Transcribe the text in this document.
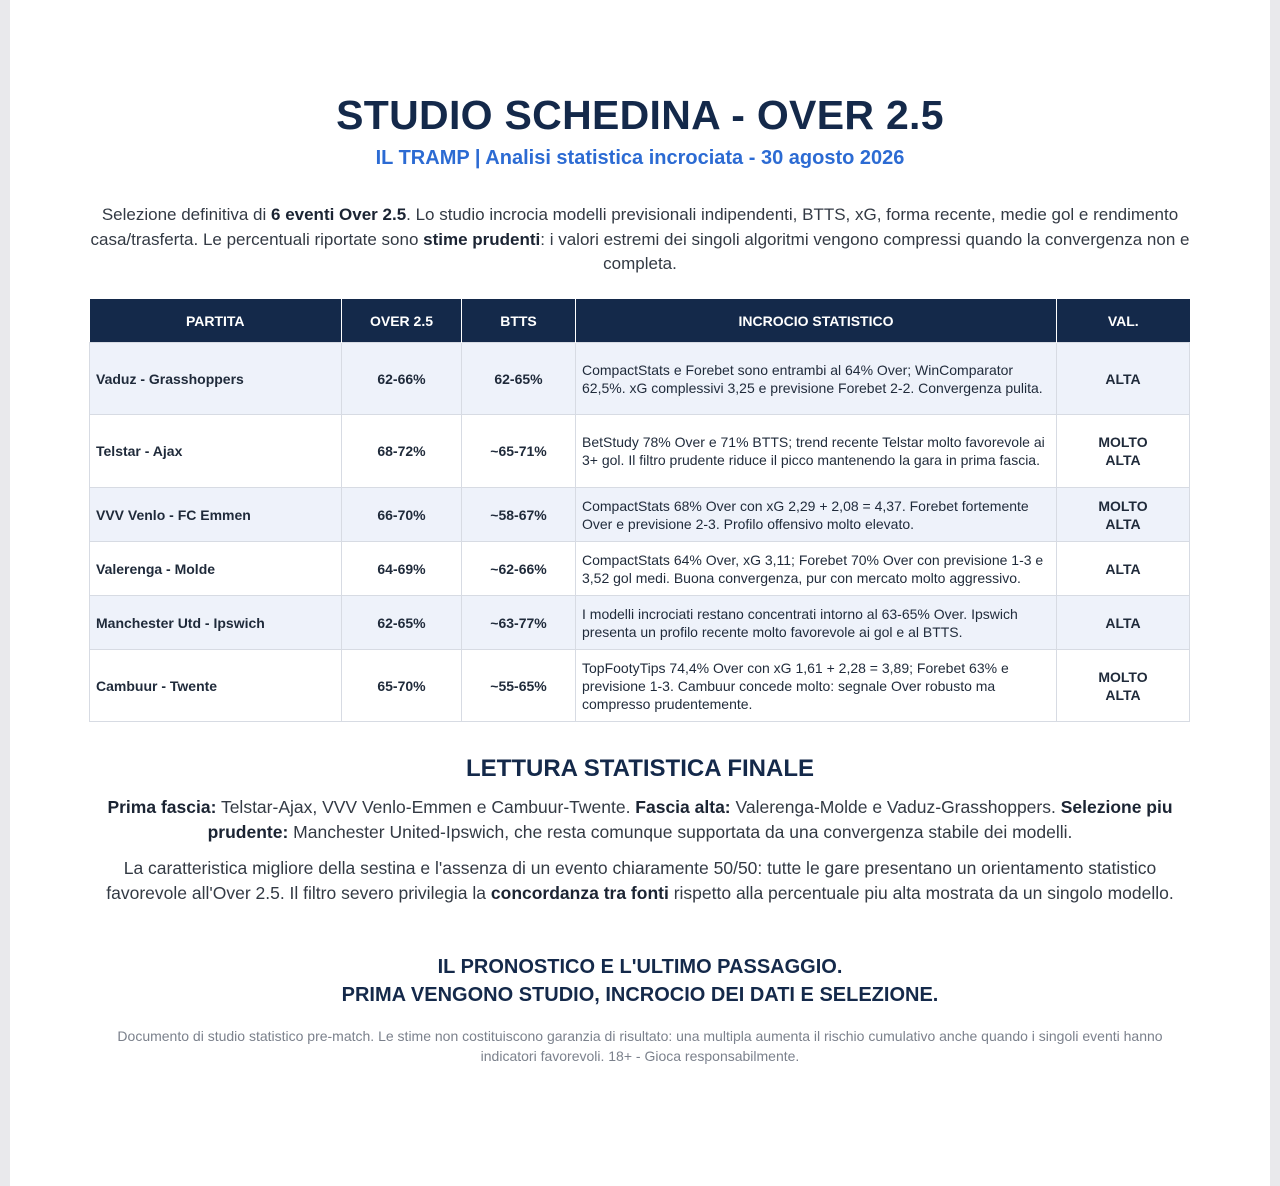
STUDIO SCHEDINA - OVER 2.5
IL TRAMP | Analisi statistica incrociata - 30 agosto 2026
Selezione definitiva di 6 eventi Over 2.5. Lo studio incrocia modelli previsionali indipendenti, BTTS, xG, forma recente, medie gol e rendimento casa/trasferta. Le percentuali riportate sono stime prudenti: i valori estremi dei singoli algoritmi vengono compressi quando la convergenza non e completa.
PARTITA	OVER 2.5	BTTS	INCROCIO STATISTICO	VAL.
Vaduz - Grasshoppers	62-66%	62-65%	CompactStats e Forebet sono entrambi al 64% Over; WinComparator 62,5%. xG complessivi 3,25 e previsione Forebet 2-2. Convergenza pulita.	ALTA

Telstar - Ajax	68-72%	~65-71%	BetStudy 78% Over e 71% BTTS; trend recente Telstar molto favorevole ai 3+ gol. Il filtro prudente riduce il picco mantenendo la gara in prima fascia.	MOLTO
ALTA
VVV Venlo - FC Emmen	66-70%	~58-67%	CompactStats 68% Over con xG 2,29 + 2,08 = 4,37. Forebet fortemente Over e previsione 2-3. Profilo offensivo molto elevato.	MOLTO
ALTA
Valerenga - Molde	64-69%	~62-66%	CompactStats 64% Over, xG 3,11; Forebet 70% Over con previsione 1-3 e 3,52 gol medi. Buona convergenza, pur con mercato molto aggressivo.	ALTA

Manchester Utd - Ipswich	62-65%	~63-77%	I modelli incrociati restano concentrati intorno al 63-65% Over. Ipswich presenta un profilo recente molto favorevole ai gol e al BTTS.	ALTA

Cambuur - Twente	65-70%	~55-65%	TopFootyTips 74,4% Over con xG 1,61 + 2,28 = 3,89; Forebet 63% e previsione 1-3. Cambuur concede molto: segnale Over robusto ma compresso prudentemente.	MOLTO
ALTA
LETTURA STATISTICA FINALE
Prima fascia: Telstar-Ajax, VVV Venlo-Emmen e Cambuur-Twente. Fascia alta: Valerenga-Molde e Vaduz-Grasshoppers. Selezione piu prudente: Manchester United-Ipswich, che resta comunque supportata da una convergenza stabile dei modelli.
La caratteristica migliore della sestina e l'assenza di un evento chiaramente 50/50: tutte le gare presentano un orientamento statistico favorevole all'Over 2.5. Il filtro severo privilegia la concordanza tra fonti rispetto alla percentuale piu alta mostrata da un singolo modello.
IL PRONOSTICO E L'ULTIMO PASSAGGIO.
PRIMA VENGONO STUDIO, INCROCIO DEI DATI E SELEZIONE.
Documento di studio statistico pre-match. Le stime non costituiscono garanzia di risultato: una multipla aumenta il rischio cumulativo anche quando i singoli eventi hanno indicatori favorevoli. 18+ - Gioca responsabilmente.
